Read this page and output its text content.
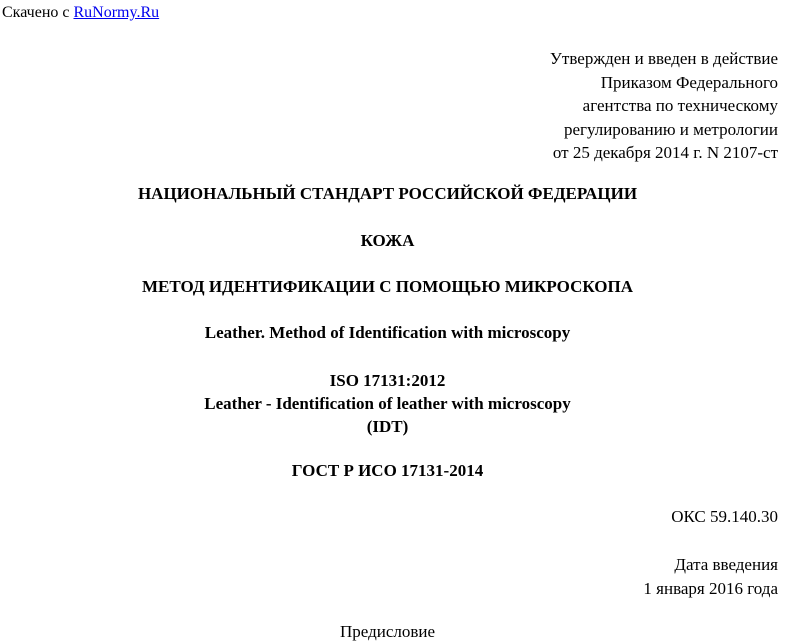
Скачено с RuNormy.Ru
Утвержден и введен в действие
Приказом Федерального
агентства по техническому
регулированию и метрологии
от 25 декабря 2014 г. N 2107-ст
НАЦИОНАЛЬНЫЙ СТАНДАРТ РОССИЙСКОЙ ФЕДЕРАЦИИ
КОЖА
МЕТОД ИДЕНТИФИКАЦИИ С ПОМОЩЬЮ МИКРОСКОПА
Leather. Method of Identification with microscopy
ISO 17131:2012
Leather - Identification of leather with microscopy
(IDT)
ГОСТ Р ИСО 17131-2014
ОКС 59.140.30
Дата введения
1 января 2016 года
Предисловие
